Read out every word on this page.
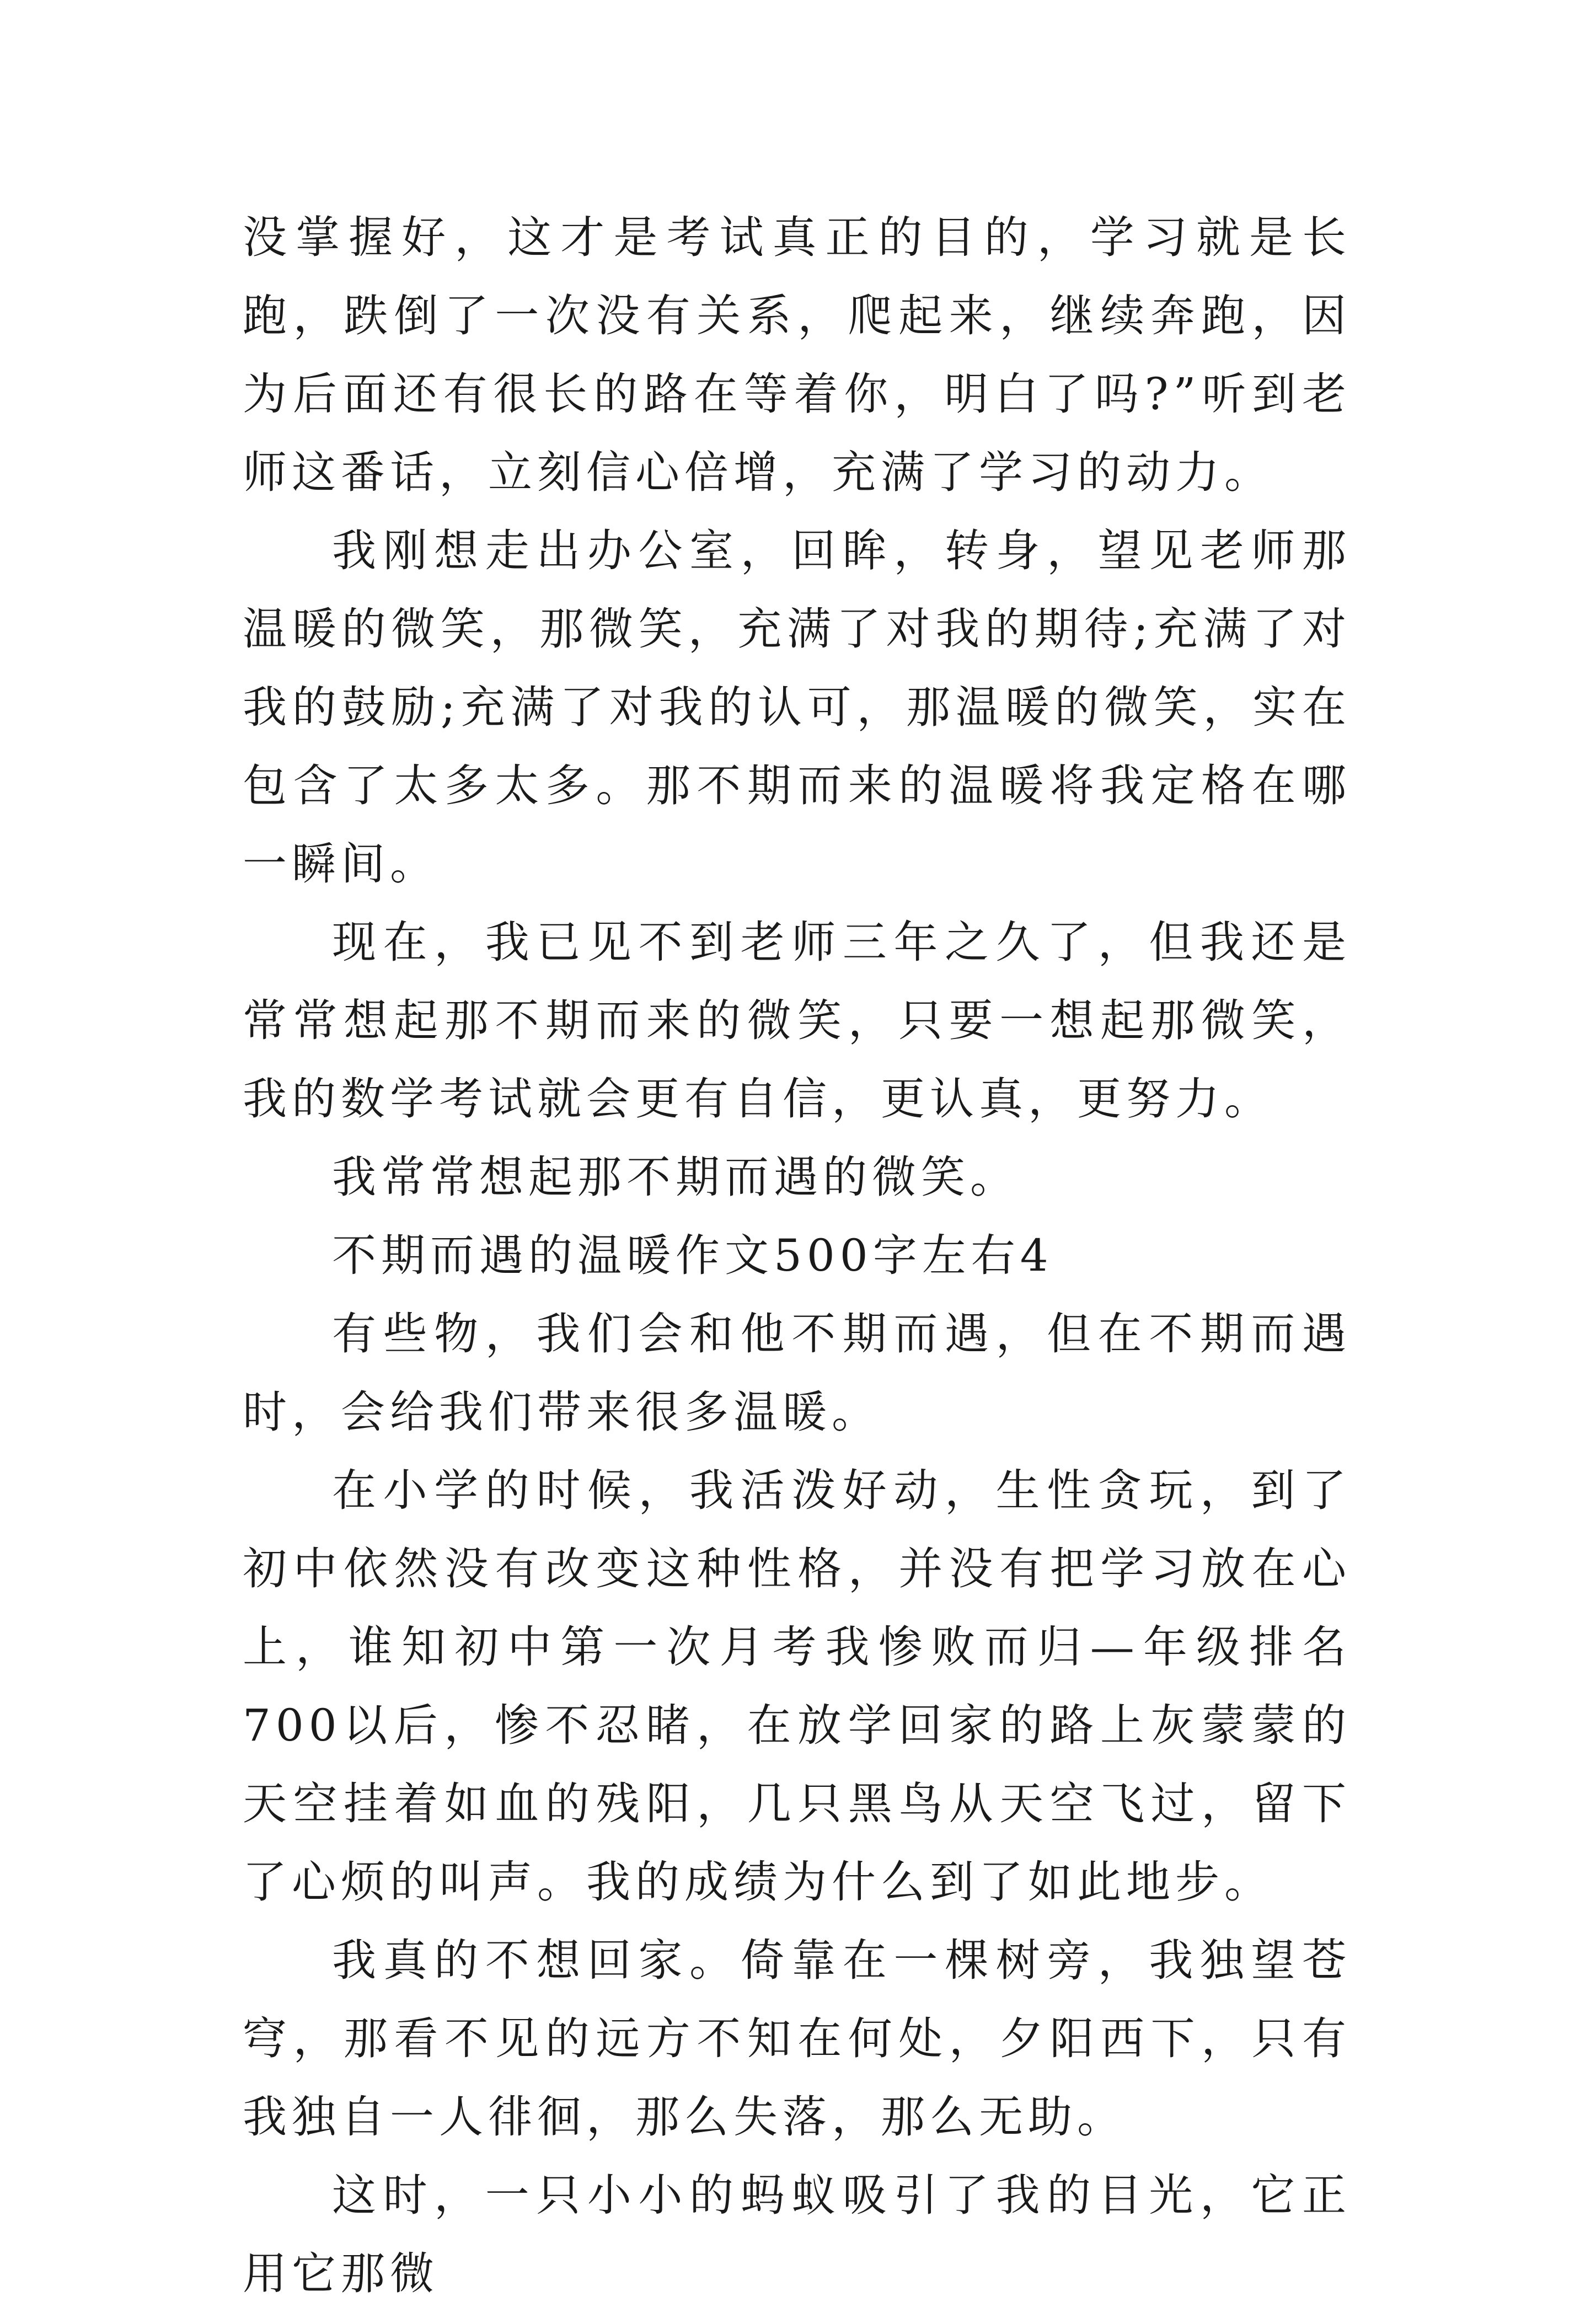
没掌握好，这才是考试真正的目的，学习就是长跑，跌倒了一次没有关系，爬起来，继续奔跑，因为后面还有很长的路在等着你，明白了吗?”听到老师这番话，立刻信心倍增，充满了学习的动力。

我刚想走出办公室，回眸，转身，望见老师那温暖的微笑，那微笑，充满了对我的期待;充满了对我的鼓励;充满了对我的认可，那温暖的微笑，实在包含了太多太多。那不期而来的温暖将我定格在哪一瞬间。

现在，我已见不到老师三年之久了，但我还是常常想起那不期而来的微笑，只要一想起那微笑，我的数学考试就会更有自信，更认真，更努力。

我常常想起那不期而遇的微笑。

不期而遇的温暖作文500字左右4

有些物，我们会和他不期而遇，但在不期而遇时，会给我们带来很多温暖。

在小学的时候，我活泼好动，生性贪玩，到了初中依然没有改变这种性格，并没有把学习放在心上，谁知初中第一次月考我惨败而归—年级排名700以后，惨不忍睹，在放学回家的路上灰蒙蒙的天空挂着如血的残阳，几只黑鸟从天空飞过，留下了心烦的叫声。我的成绩为什么到了如此地步。

我真的不想回家。倚靠在一棵树旁，我独望苍穹，那看不见的远方不知在何处，夕阳西下，只有我独自一人徘徊，那么失落，那么无助。

这时，一只小小的蚂蚁吸引了我的目光，它正用它那微
